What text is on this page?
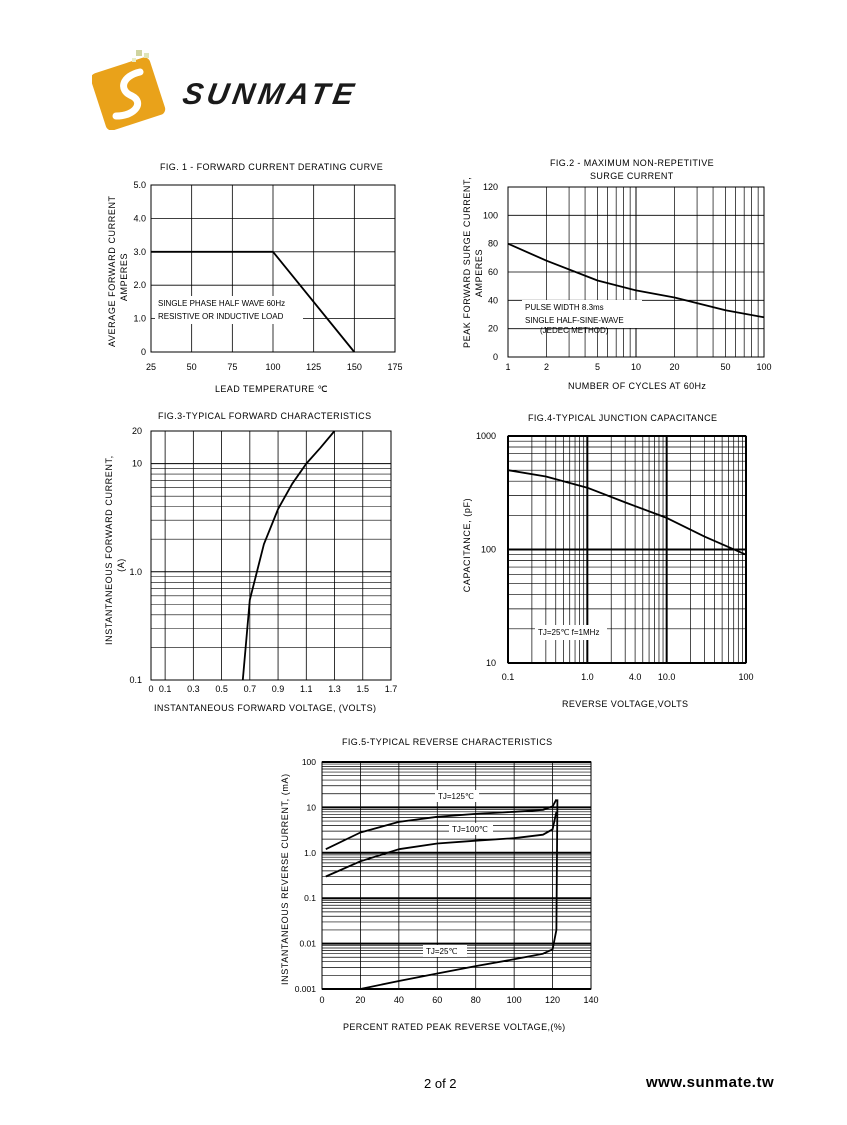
SUNMATE
FIG. 1 - FORWARD CURRENT DERATING CURVE
25	50	75	100	125	150	175
0
1.0
2.0
3.0
4.0
5.0
SINGLE PHASE HALF WAVE 60Hz
RESISTIVE OR INDUCTIVE LOAD
LEAD TEMPERATURE ℃
AVERAGE FORWARD CURRENT AMPERES
FIG.2 - MAXIMUM NON-REPETITIVE
SURGE CURRENT
1	2	5	10	20	50	100
0
20
40
60
80
100
120
PULSE WIDTH 8.3ms
SINGLE HALF-SINE-WAVE
(JEDEC METHOD)
NUMBER OF CYCLES AT 60Hz
PEAK FORWARD SURGE CURRENT, AMPERES
FIG.3-TYPICAL FORWARD CHARACTERISTICS
0 0.1 0.3 0.5 0.7 0.9 1.1 1.3 1.5 1.7
0.1
1.0
10
20
INSTANTANEOUS FORWARD VOLTAGE, (VOLTS)
INSTANTANEOUS FORWARD CURRENT, (A)
FIG.4-TYPICAL JUNCTION CAPACITANCE
0.1	1.0	4.0 10.0	100
10
100
1000
TJ=25℃ f=1MHz
REVERSE VOLTAGE,VOLTS
CAPACITANCE, (pF)
FIG.5-TYPICAL REVERSE CHARACTERISTICS
0	20	40	60	80	100	120	140
0.001
0.01
0.1
1.0
10
100
TJ=125℃
TJ=100℃
TJ=25℃
PERCENT RATED PEAK REVERSE VOLTAGE,(%)
INSTANTANEOUS REVERSE CURRENT, (mA)
2 of 2	www.sunmate.tw
